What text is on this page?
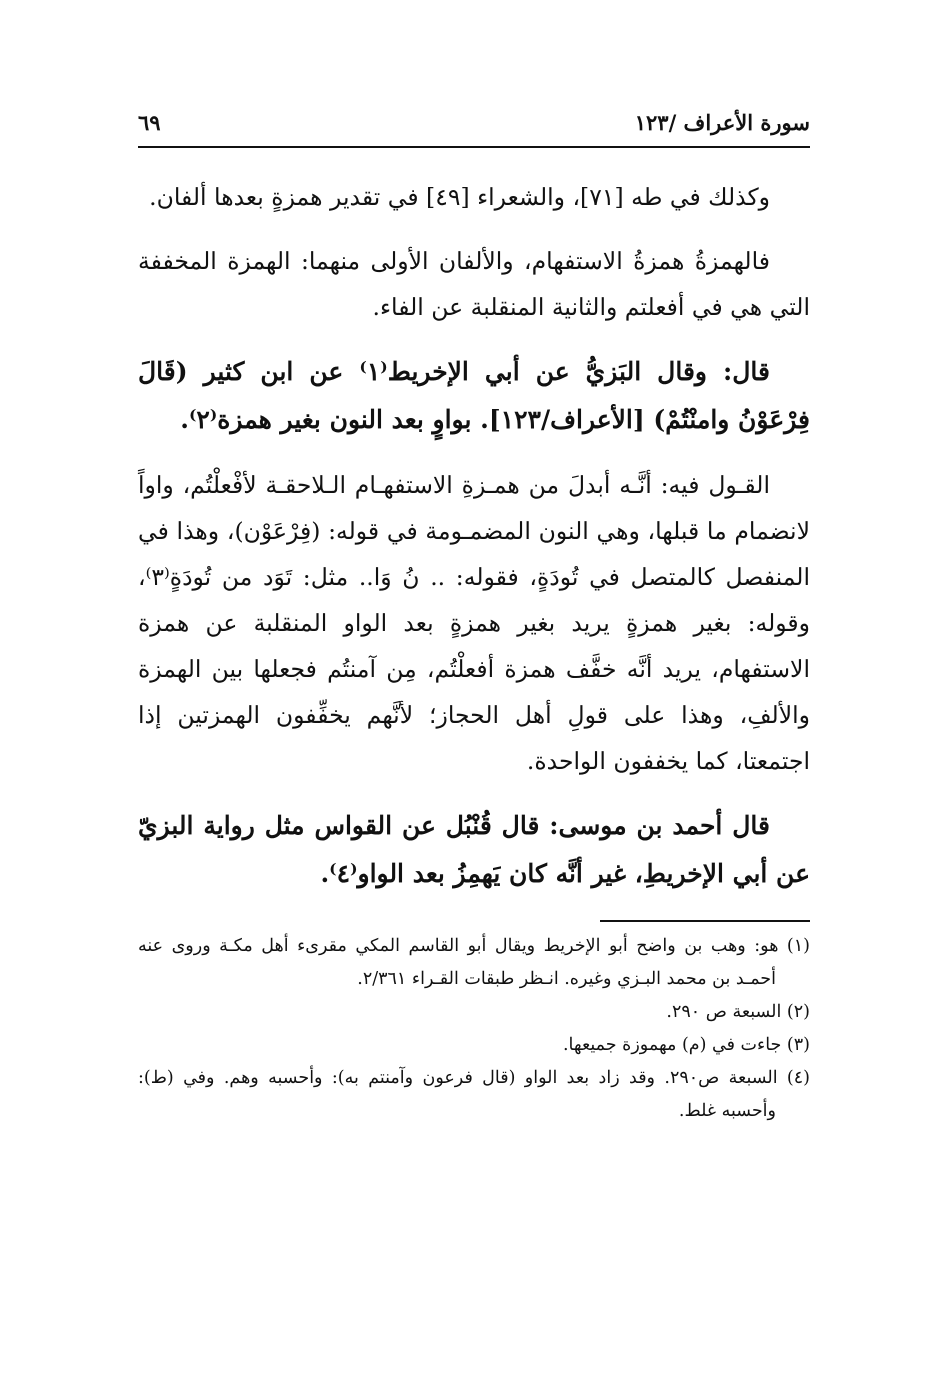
سورة الأعراف /١٢٣
٦٩

وكذلك في طه [٧١]، والشعراء [٤٩] في تقدير همزةٍ بعدها ألفان.

فالهمزةُ همزةُ الاستفهام، والألفان الأولى منهما: الهمزة المخففة التي هي في أفعلتم والثانية المنقلبة عن الفاء.

قال: وقال البَزيُّ عن أبي الإخريط⁽١⁾ عن ابن كثير (قَالَ فِرْعَوْنُ وامنْتُمْ) [الأعراف/١٢٣]. بواوٍ بعد النون بغير همزة⁽٢⁾.

القـول فيه: أنَّـه أبدلَ من همـزةِ الاستفهـام الـلاحقـة لأفْعلْتُم، واواً لانضمام ما قبلها، وهي النون المضمـومة في قوله: (فِرْعَوْن)، وهذا في المنفصل كالمتصل في تُودَةٍ، فقوله: .. نُ وَا.. مثل: تَوَد من تُودَةٍ⁽٣⁾، وقوله: بغير همزةٍ يريد بغير همزةٍ بعد الواو المنقلبة عن همزة الاستفهام، يريد أنَّه خفَّف همزة أفعلْتُم، مِن آمنتُم فجعلها بين الهمزة والألفِ، وهذا على قولِ أهل الحجاز؛ لأنَّهم يخفِّفون الهمزتين إذا اجتمعتا، كما يخففون الواحدة.

قال أحمد بن موسى: قال قُنْبُل عن القواس مثل رواية البزيّ عن أبي الإخريطِ، غير أنَّه كان يَهمِزُ بعد الواو⁽٤⁾.

(١) هو: وهب بن واضح أبو الإخريط ويقال أبو القاسم المكي مقرىء أهل مكـة وروى عنه أحمـد بن محمد البـزي وغيره. انـظر طبقات القـراء ٢/٣٦١.

(٢) السبعة ص ٢٩٠.

(٣) جاءت في (م) مهموزة جميعها.

(٤) السبعة ص٢٩٠. وقد زاد بعد الواو (قال فرعون وآمنتم به): وأحسبه وهم. وفي (ط): وأحسبه غلط.
